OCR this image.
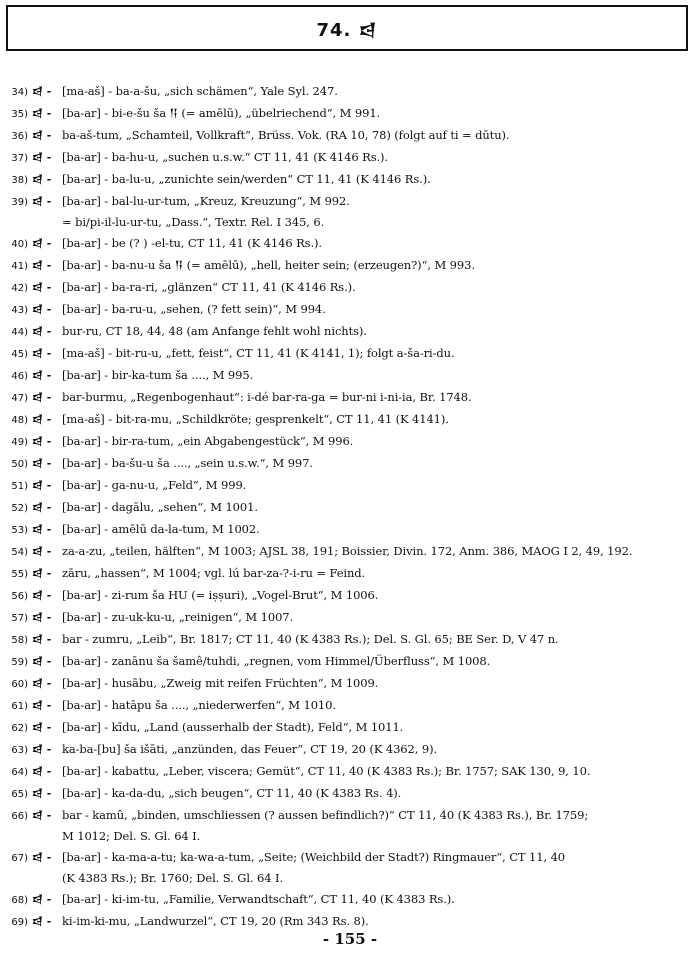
74. 𒁀
34) 𒁀 - [ma-aš] - ba-a-šu, „sich schämen“, Yale Syl. 247.
35) 𒁀 - [ba-ar] - bi-e-šu ša 𒀀 (= amēlū), „übelriechend“, M 991.
36) 𒁀 - ba-aš-tum, „Schamteil, Vollkraft“, Brüss. Vok. (RA 10, 78) (folgt auf ti = dūtu).
37) 𒁀 - [ba-ar] - ba-hu-u, „suchen u.s.w.“ CT 11, 41 (K 4146 Rs.).
38) 𒁀 - [ba-ar] - ba-lu-u, „zunichte sein/werden“ CT 11, 41 (K 4146 Rs.).
39) 𒁀 - [ba-ar] - bal-lu-ur-tum, „Kreuz, Kreuzung“, M 992.
= bi/pi-il-lu-ur-tu, „Dass.“, Textr. Rel. I 345, 6.
40) 𒁀 - [ba-ar] - be (? ) -el-tu, CT 11, 41 (K 4146 Rs.).
41) 𒁀 - [ba-ar] - ba-nu-u ša 𒀀 (= amēlū), „hell, heiter sein; (erzeugen?)“, M 993.
42) 𒁀 - [ba-ar] - ba-ra-ri, „glänzen“ CT 11, 41 (K 4146 Rs.).
43) 𒁀 - [ba-ar] - ba-ru-u, „sehen, (? fett sein)“, M 994.
44) 𒁀 - bur-ru, CT 18, 44, 48 (am Anfange fehlt wohl nichts).
45) 𒁀 - [ma-aš] - bit-ru-u, „fett, feist“, CT 11, 41 (K 4141, 1); folgt a-ša-ri-du.
46) 𒁀 - [ba-ar] - bir-ka-tum ša ...., M 995.
47) 𒁀 - bar-burmu, „Regenbogenhaut“: i-dé bar-ra-ga = bur-ni i-ni-ia, Br. 1748.
48) 𒁀 - [ma-aš] - bit-ra-mu, „Schildkröte; gesprenkelt“, CT 11, 41 (K 4141).
49) 𒁀 - [ba-ar] - bir-ra-tum, „ein Abgabengestück“, M 996.
50) 𒁀 - [ba-ar] - ba-šu-u ša ...., „sein u.s.w.“, M 997.
51) 𒁀 - [ba-ar] - ga-nu-u, „Feld“, M 999.
52) 𒁀 - [ba-ar] - dagālu, „sehen“, M 1001.
53) 𒁀 - [ba-ar] - amēlū da-la-tum, M 1002.
54) 𒁀 - za-a-zu, „teilen, hälften“, M 1003; AJSL 38, 191; Boissier, Divin. 172, Anm. 386, MAOG I 2, 49, 192.
55) 𒁀 - zāru, „hassen“, M 1004; vgl. lú bar-za-?-i-ru = Feind.
56) 𒁀 - [ba-ar] - zi-rum ša HU (= iṣṣuri), „Vogel-Brut“, M 1006.
57) 𒁀 - [ba-ar] - zu-uk-ku-u, „reinigen“, M 1007.
58) 𒁀 - bar - zumru, „Leib“, Br. 1817; CT 11, 40 (K 4383 Rs.); Del. S. Gl. 65; BE Ser. D, V 47 n.
59) 𒁀 - [ba-ar] - zanānu ša šamê/tuhdi, „regnen, vom Himmel/Überfluss“, M 1008.
60) 𒁀 - [ba-ar] - husābu, „Zweig mit reifen Früchten“, M 1009.
61) 𒁀 - [ba-ar] - hatāpu ša ...., „niederwerfen“, M 1010.
62) 𒁀 - [ba-ar] - kīdu, „Land (ausserhalb der Stadt), Feld“, M 1011.
63) 𒁀 - ka-ba-[bu] ša išāti, „anzünden, das Feuer“, CT 19, 20 (K 4362, 9).
64) 𒁀 - [ba-ar] - kabattu, „Leber, viscera; Gemüt“, CT 11, 40 (K 4383 Rs.); Br. 1757; SAK 130, 9, 10.
65) 𒁀 - [ba-ar] - ka-da-du, „sich beugen“, CT 11, 40 (K 4383 Rs. 4).
66) 𒁀 - bar - kamû, „binden, umschliessen (? aussen befindlich?)“ CT 11, 40 (K 4383 Rs.), Br. 1759;
M 1012; Del. S. Gl. 64 I.
67) 𒁀 - [ba-ar] - ka-ma-a-tu; ka-wa-a-tum, „Seite; (Weichbild der Stadt?) Ringmauer“, CT 11, 40
(K 4383 Rs.); Br. 1760; Del. S. Gl. 64 I.
68) 𒁀 - [ba-ar] - ki-im-tu, „Familie, Verwandtschaft“, CT 11, 40 (K 4383 Rs.).
69) 𒁀 - ki-im-ki-mu, „Landwurzel“, CT 19, 20 (Rm 343 Rs. 8).
- 155 -
